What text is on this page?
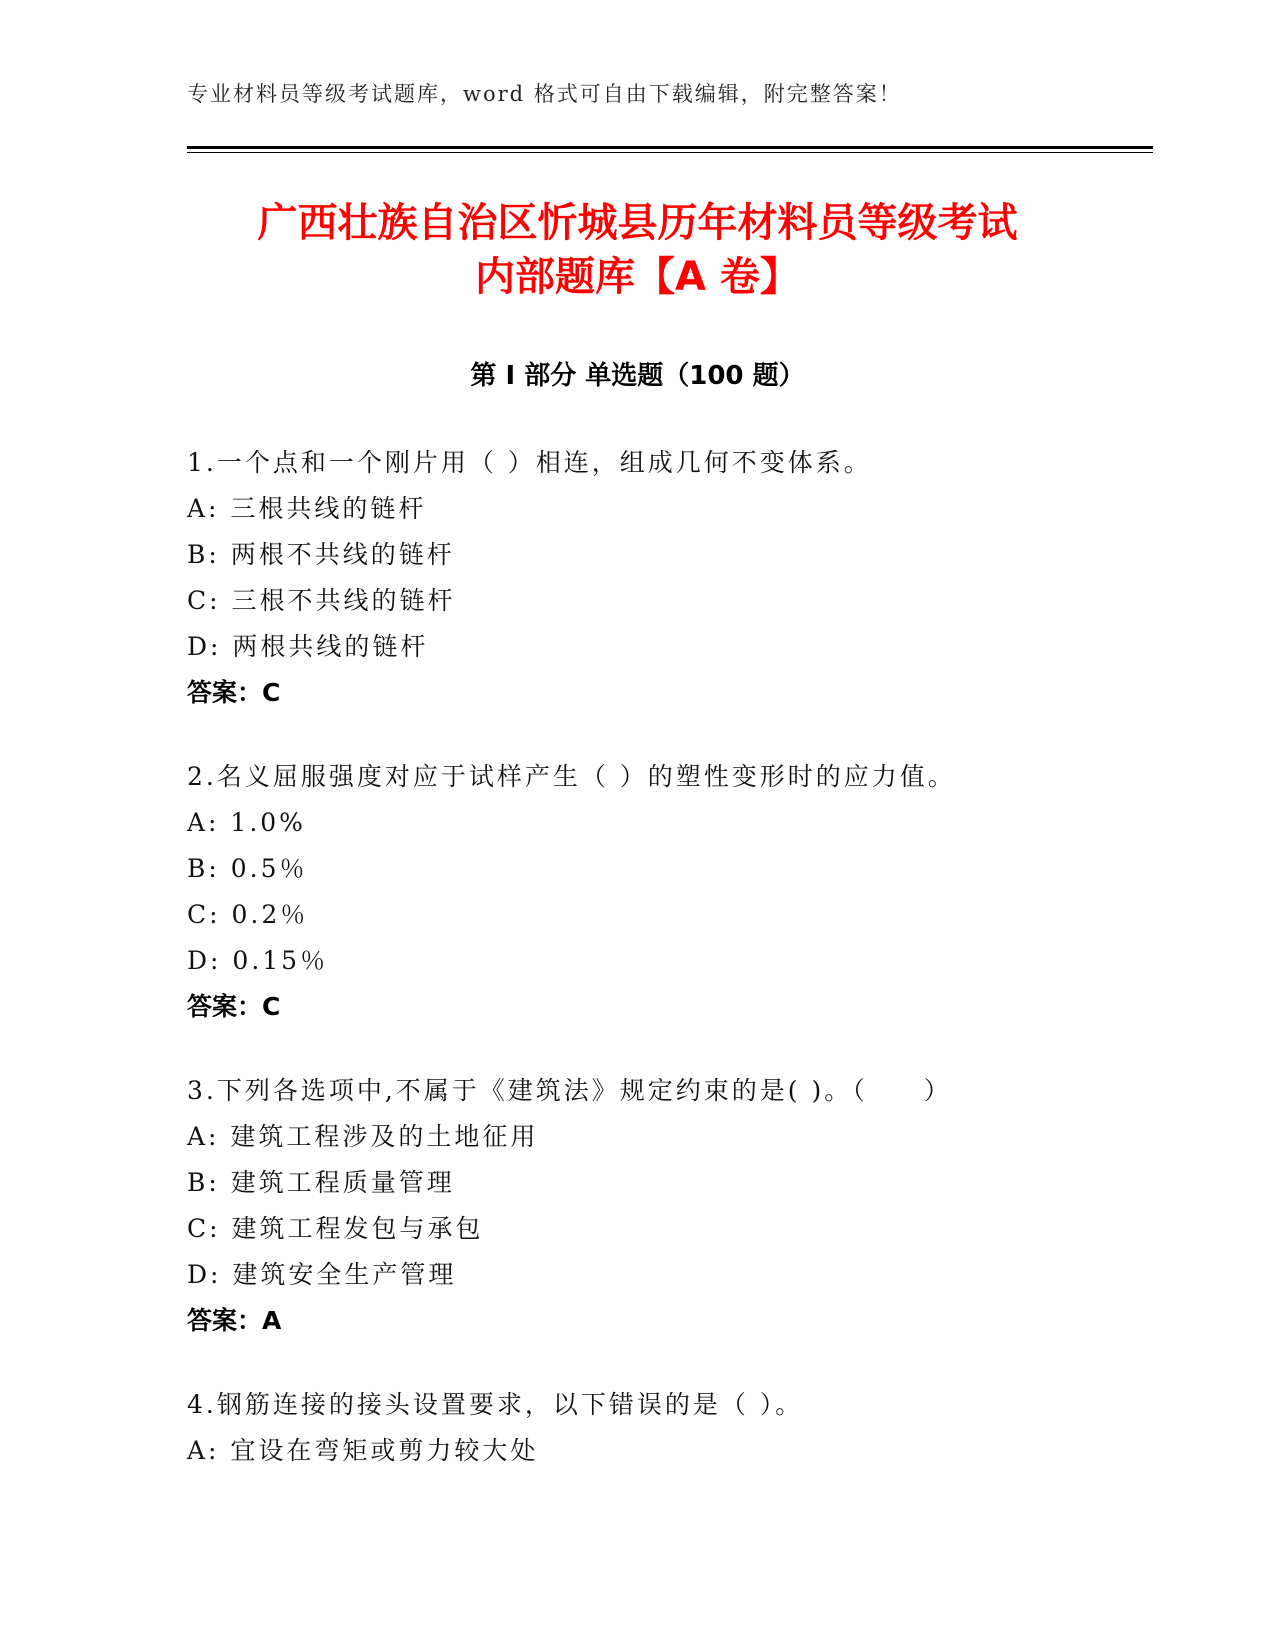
专业材料员等级考试题库，word 格式可自由下载编辑，附完整答案！
广西壮族自治区忻城县历年材料员等级考试
内部题库【A 卷】
第 I 部分 单选题（100 题）
1.一个点和一个刚片用（ ）相连，组成几何不变体系。
A: 三根共线的链杆
B: 两根不共线的链杆
C: 三根不共线的链杆
D: 两根共线的链杆
答案：C
2.名义屈服强度对应于试样产生（ ）的塑性变形时的应力值。
A: 1.0%
B: 0.5％
C: 0.2％
D: 0.15％
答案：C
3.下列各选项中,不属于《建筑法》规定约束的是( )。（　　）
A: 建筑工程涉及的土地征用
B: 建筑工程质量管理
C: 建筑工程发包与承包
D: 建筑安全生产管理
答案：A
4.钢筋连接的接头设置要求，以下错误的是（ ）。
A: 宜设在弯矩或剪力较大处
